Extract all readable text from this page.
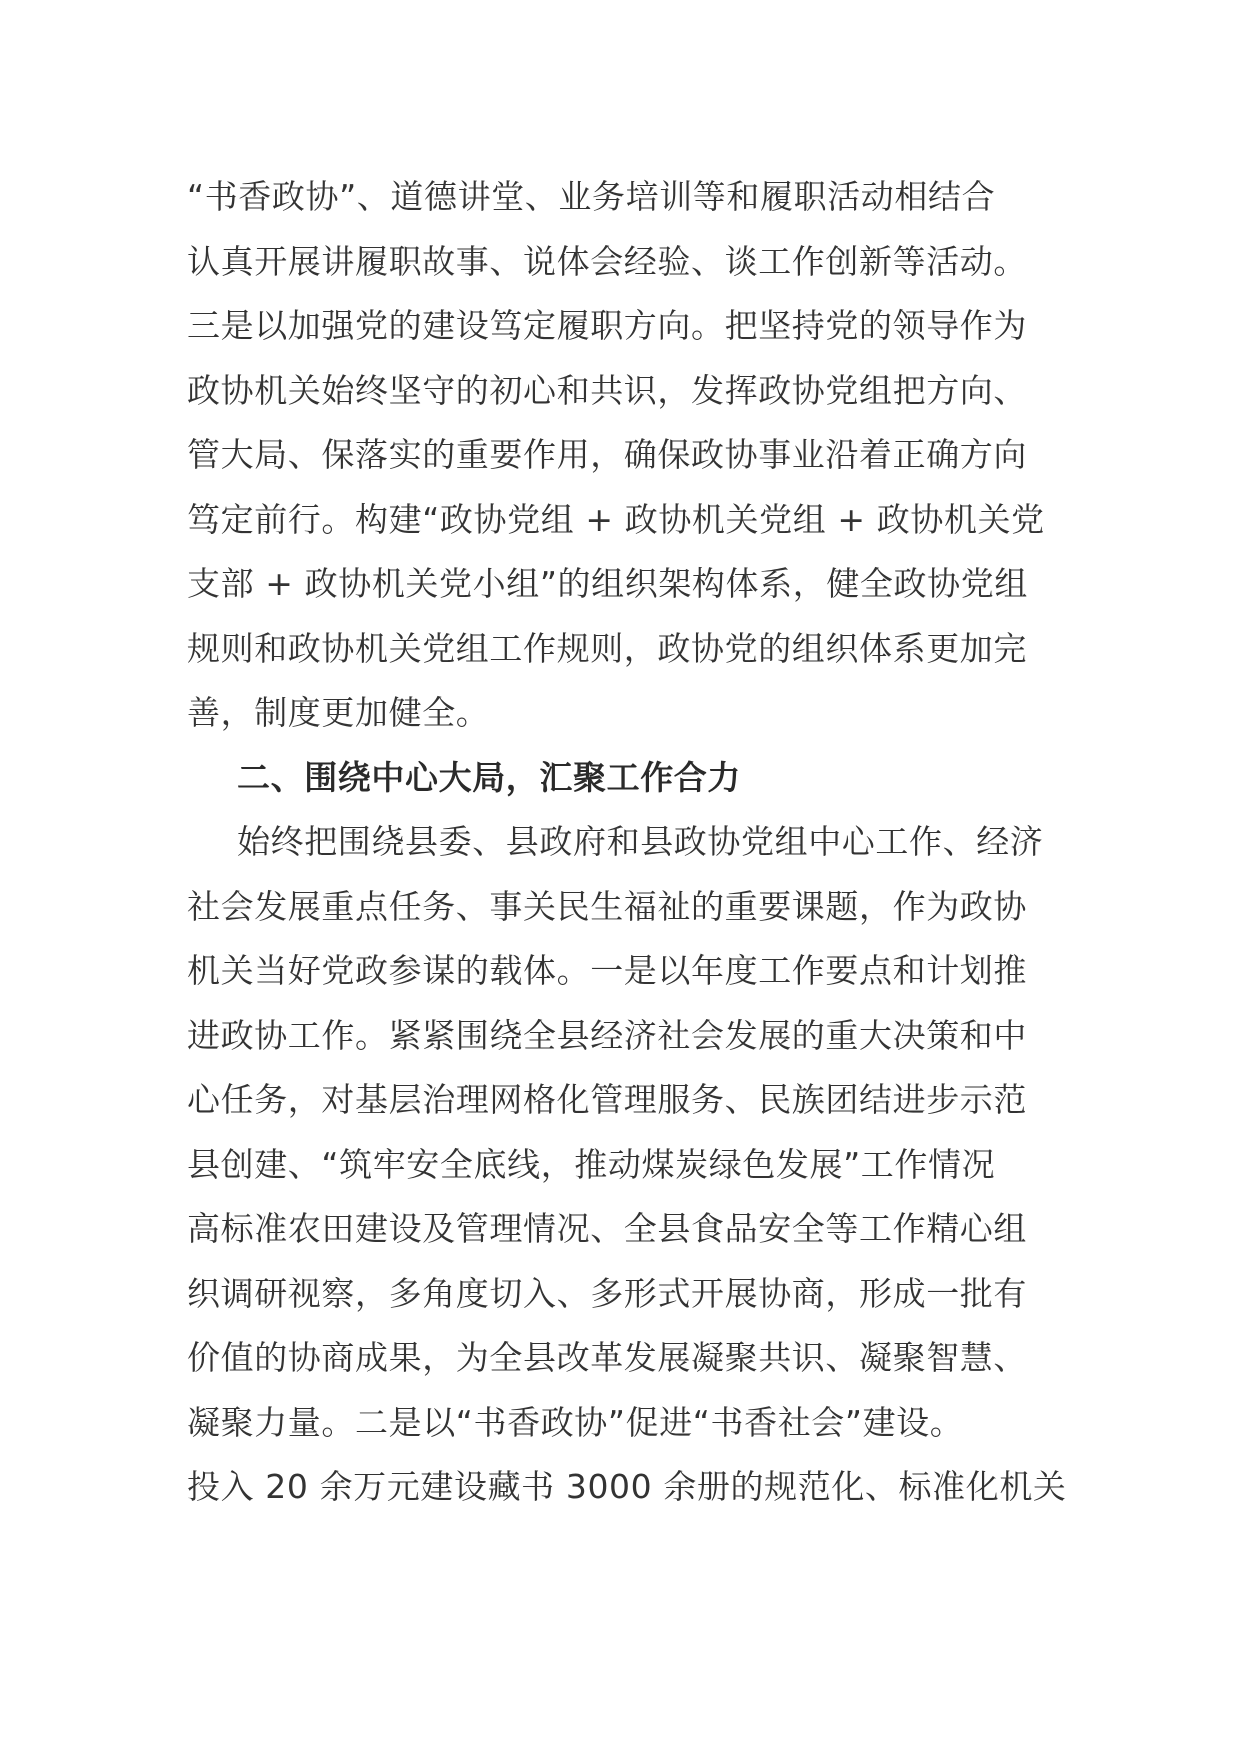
“书香政协”、道德讲堂、业务培训等和履职活动相结合
认真开展讲履职故事、说体会经验、谈工作创新等活动。
三是以加强党的建设笃定履职方向。把坚持党的领导作为
政协机关始终坚守的初心和共识，发挥政协党组把方向、
管大局、保落实的重要作用，确保政协事业沿着正确方向
笃定前行。构建“政协党组 + 政协机关党组 + 政协机关党
支部 + 政协机关党小组”的组织架构体系，健全政协党组
规则和政协机关党组工作规则，政协党的组织体系更加完
善，制度更加健全。
二、围绕中心大局，汇聚工作合力
始终把围绕县委、县政府和县政协党组中心工作、经济
社会发展重点任务、事关民生福祉的重要课题，作为政协
机关当好党政参谋的载体。一是以年度工作要点和计划推
进政协工作。紧紧围绕全县经济社会发展的重大决策和中
心任务，对基层治理网格化管理服务、民族团结进步示范
县创建、“筑牢安全底线，推动煤炭绿色发展”工作情况
高标准农田建设及管理情况、全县食品安全等工作精心组
织调研视察，多角度切入、多形式开展协商，形成一批有
价值的协商成果，为全县改革发展凝聚共识、凝聚智慧、
凝聚力量。二是以“书香政协”促进“书香社会”建设。
投入 20 余万元建设藏书 3000 余册的规范化、标准化机关
